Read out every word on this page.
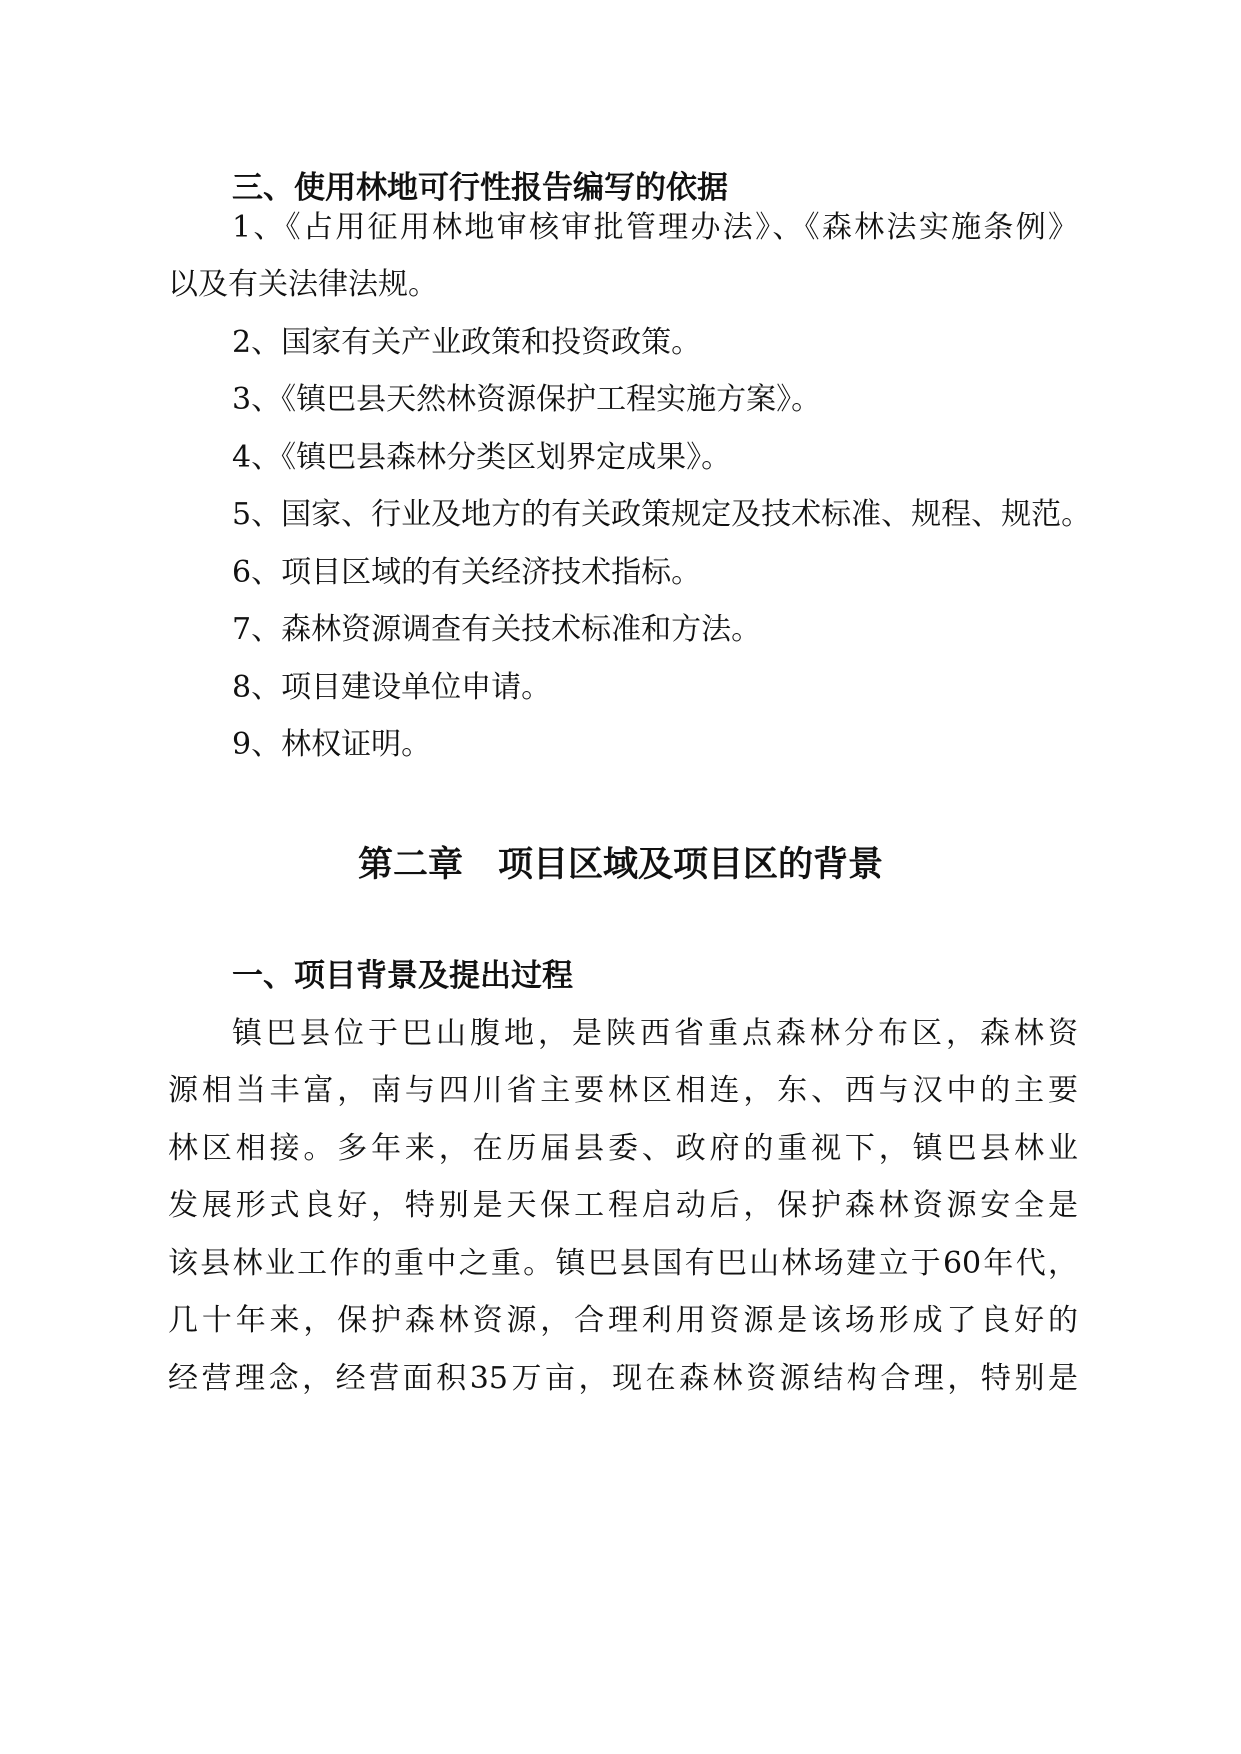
三、使用林地可行性报告编写的依据
1、《占用征用林地审核审批管理办法》、《森林法实施条例》
以及有关法律法规。
2、国家有关产业政策和投资政策。
3、《镇巴县天然林资源保护工程实施方案》。
4、《镇巴县森林分类区划界定成果》。
5、国家、行业及地方的有关政策规定及技术标准、规程、规范。
6、项目区域的有关经济技术指标。
7、森林资源调查有关技术标准和方法。
8、项目建设单位申请。
9、林权证明。
第二章　项目区域及项目区的背景
一、项目背景及提出过程
镇巴县位于巴山腹地，是陕西省重点森林分布区，森林资
源相当丰富，南与四川省主要林区相连，东、西与汉中的主要
林区相接。多年来，在历届县委、政府的重视下，镇巴县林业
发展形式良好，特别是天保工程启动后，保护森林资源安全是
该县林业工作的重中之重。镇巴县国有巴山林场建立于60年代，
几十年来，保护森林资源，合理利用资源是该场形成了良好的
经营理念，经营面积35万亩，现在森林资源结构合理，特别是
